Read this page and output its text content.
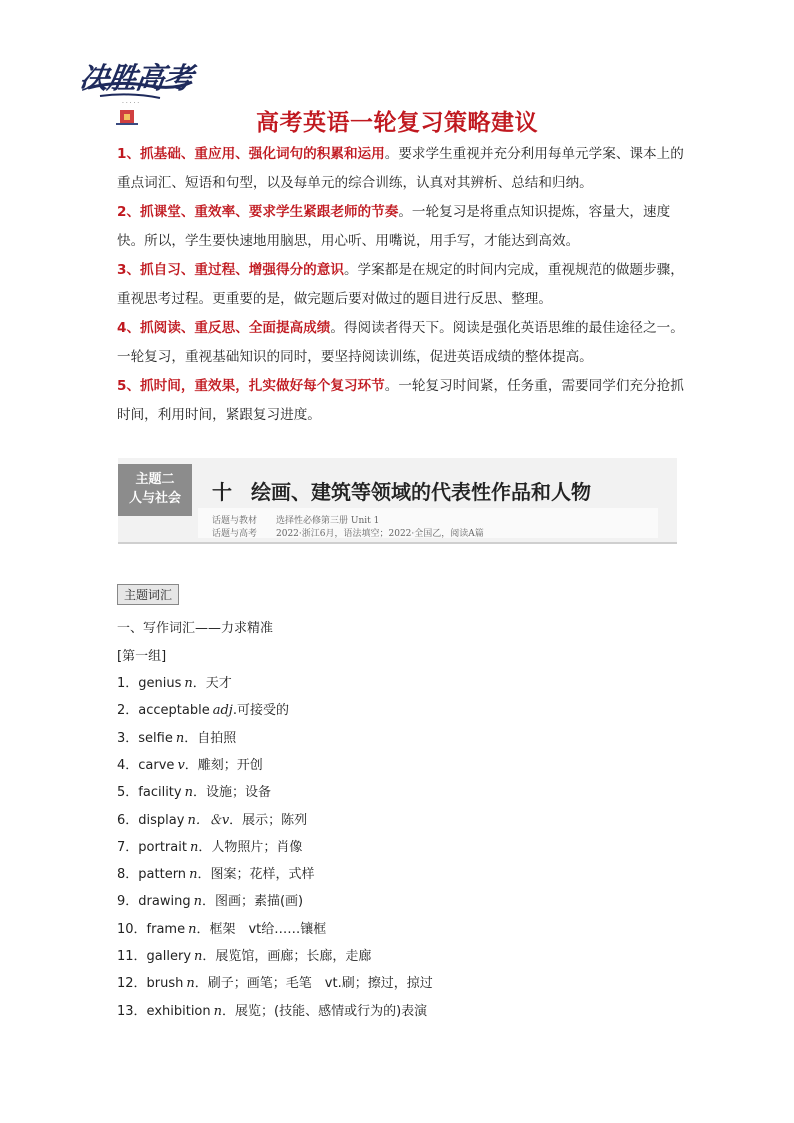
决胜高考
· · · · ·
高考英语一轮复习策略建议
1、抓基础、重应用、强化词句的积累和运用。要求学生重视并充分利用每单元学案、课本上的重点词汇、短语和句型，以及每单元的综合训练，认真对其辨析、总结和归纳。
2、抓课堂、重效率、要求学生紧跟老师的节奏。一轮复习是将重点知识提炼，容量大，速度快。所以，学生要快速地用脑思，用心听、用嘴说，用手写，才能达到高效。
3、抓自习、重过程、增强得分的意识。学案都是在规定的时间内完成，重视规范的做题步骤，重视思考过程。更重要的是，做完题后要对做过的题目进行反思、整理。
4、抓阅读、重反思、全面提高成绩。得阅读者得天下。阅读是强化英语思维的最佳途径之一。一轮复习，重视基础知识的同时，要坚持阅读训练，促进英语成绩的整体提高。
5、抓时间，重效果，扎实做好每个复习环节。一轮复习时间紧，任务重，需要同学们充分抢抓时间，利用时间，紧跟复习进度。
主题二
人与社会	十 绘画、建筑等领域的代表性作品和人物
话题与教材 选择性必修第三册 Unit 1
话题与高考 2022·浙江6月，语法填空；2022·全国乙，阅读A篇
主题词汇
一、写作词汇——力求精准
[第一组]
1．genius n．天才
2．acceptable adj.可接受的
3．selfie n．自拍照
4．carve v．雕刻；开创
5．facility n．设施；设备
6．display n．＆v．展示；陈列
7．portrait n．人物照片；肖像
8．pattern n．图案；花样，式样
9．drawing n．图画；素描(画)
10．frame n．框架　vt给……镶框
11．gallery n．展览馆，画廊；长廊，走廊
12．brush n．刷子；画笔；毛笔　vt.刷；擦过，掠过
13．exhibition n．展览；(技能、感情或行为的)表演
